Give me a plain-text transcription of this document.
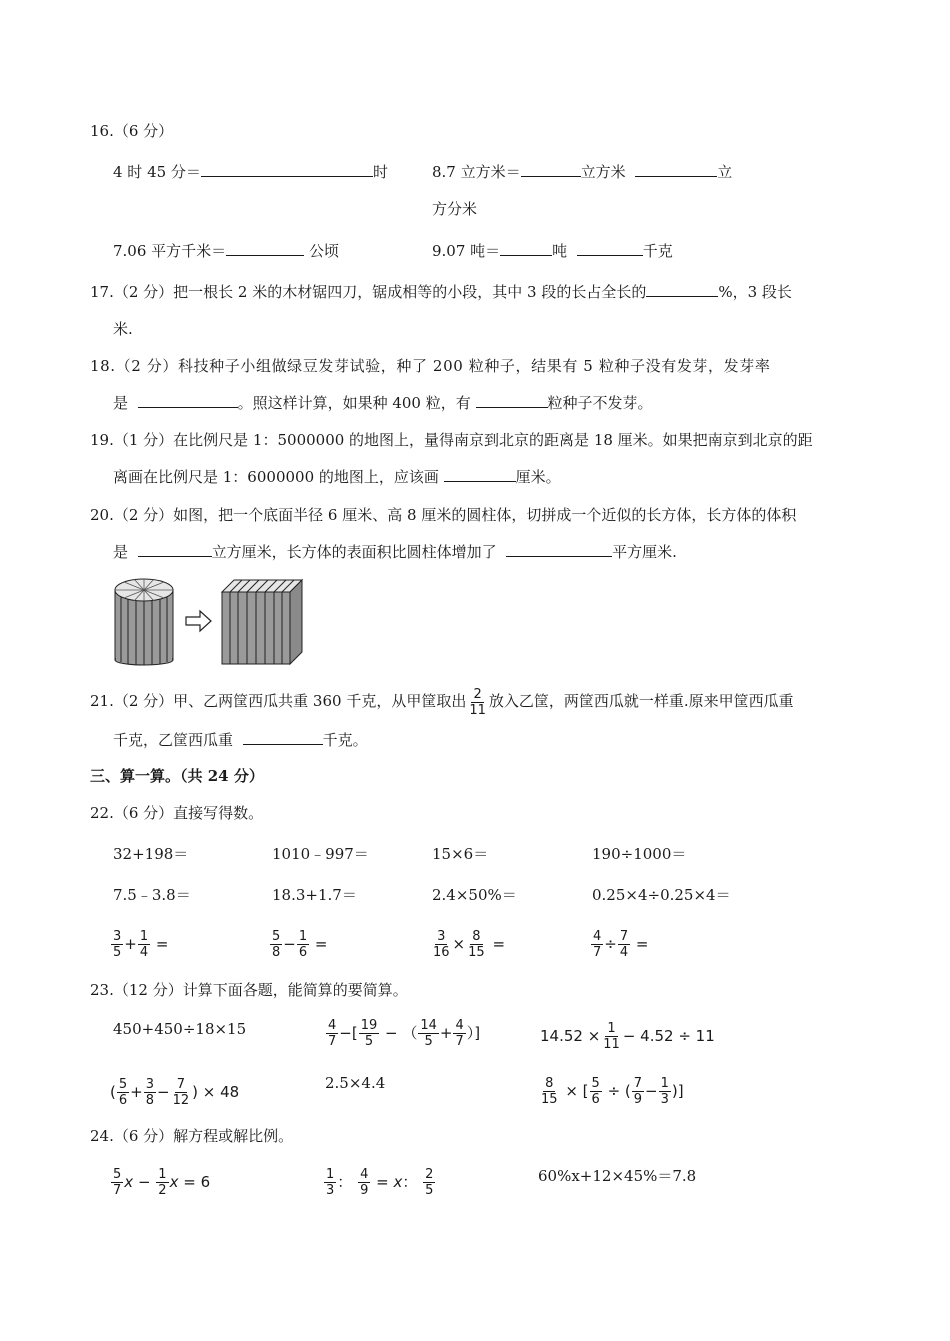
16.（6 分）
4 时 45 分＝	时	8.7 立方米＝	立方米	立
方分米
7.06 平方千米＝	公顷	9.07 吨＝	吨	千克
17.（2 分）把一根长 2 米的木材锯四刀，锯成相等的小段，其中 3 段的长占全长的	%，3 段长
米.
18.（2 分）科技种子小组做绿豆发芽试验，种了 200 粒种子，结果有 5 粒种子没有发芽，发芽率
是	。照这样计算，如果种 400 粒，有	粒种子不发芽。
19.（1 分）在比例尺是 1：5000000 的地图上，量得南京到北京的距离是 18 厘米。如果把南京到北京的距
离画在比例尺是 1：6000000 的地图上，应该画	厘米。
20.（2 分）如图，把一个底面半径 6 厘米、高 8 厘米的圆柱体，切拼成一个近似的长方体，长方体的体积
是	立方厘米，长方体的表面积比圆柱体增加了	平方厘米.
21.（2 分）甲、乙两筐西瓜共重 360 千克，从甲筐取出 $\frac{2}{11}$ 放入乙筐，两筐西瓜就一样重.原来甲筐西瓜重
千克，乙筐西瓜重	千克。
三、算一算。（共 24 分）
22.（6 分）直接写得数。
32+198＝	1010﹣997＝	15×6＝	190÷1000＝
7.5﹣3.8＝	18.3+1.7＝	2.4×50%＝	0.25×4÷0.25×4＝
$\frac{3}{5} + \frac{1}{4}$ =	$\frac{5}{8} - \frac{1}{6}$ =	$\frac{3}{16} \times \frac{8}{15}$ =	$\frac{4}{7} \div \frac{7}{4}$ =
23.（12 分）计算下面各题，能简算的要简算。
450+450÷18×15	$\frac{4}{7}$ −[ $\frac{19}{5}$ − （ $\frac{14}{5} + \frac{4}{7}$ ）]	$14.52 \times \frac{1}{11} - 4.52 \div 11$
( $\frac{5}{6} + \frac{3}{8} - \frac{7}{12}$ ) × 48	2.5×4.4	$\frac{8}{15}$ × [ $\frac{5}{6}$ ÷ ( $\frac{7}{9} - \frac{1}{3}$ )]
24.（6 分）解方程或解比例。
$\frac{5}{7}$ $x - \frac{1}{2}$ x = 6	$\frac{1}{3}$ ： $\frac{4}{9} = x$： $\frac{2}{5}$	60%x+12×45%＝7.8
